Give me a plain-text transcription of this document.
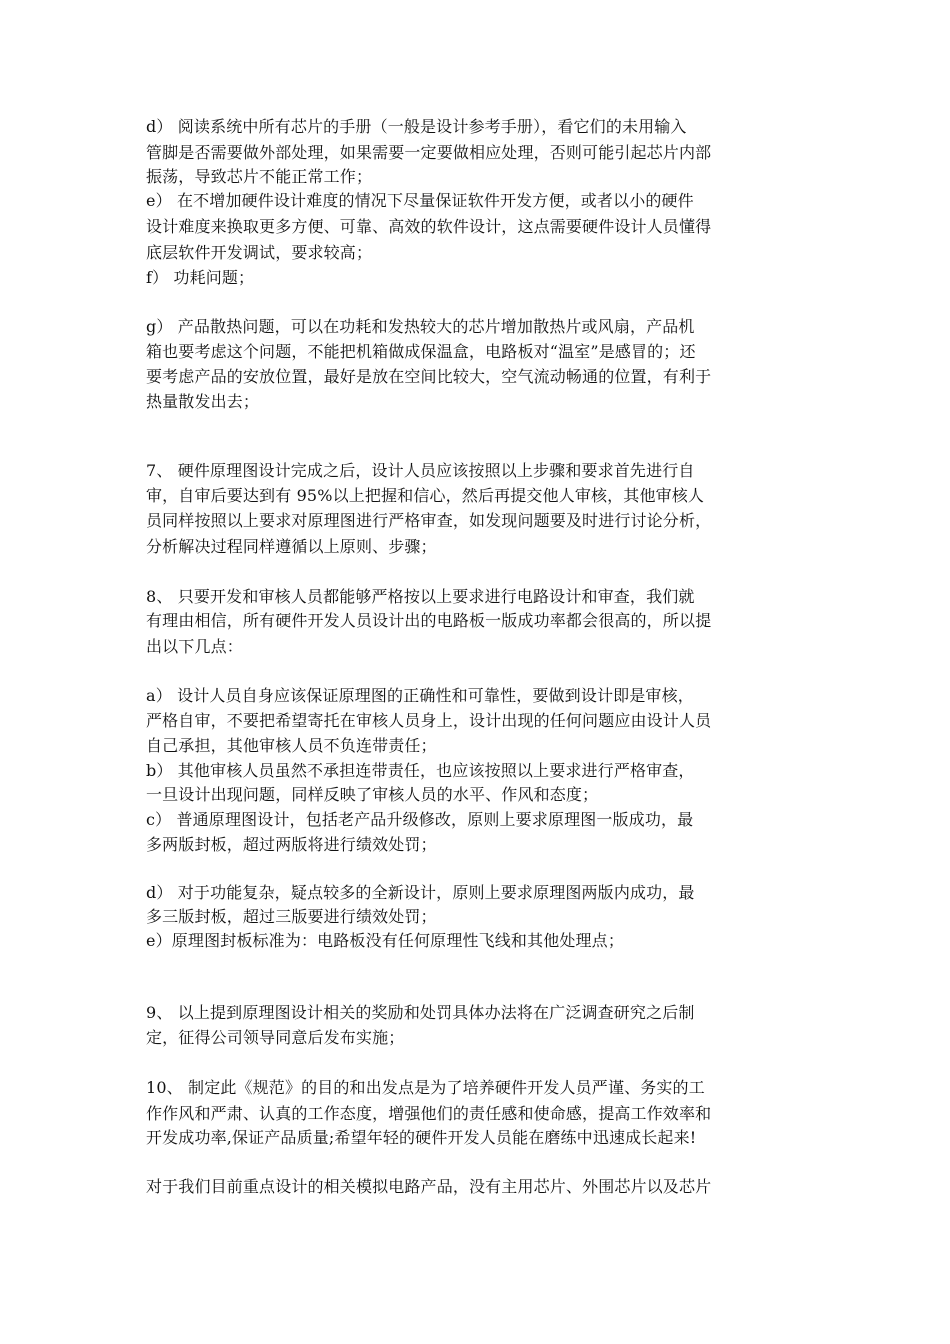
d） 阅读系统中所有芯片的手册（一般是设计参考手册），看它们的未用输入
管脚是否需要做外部处理，如果需要一定要做相应处理，否则可能引起芯片内部
振荡，导致芯片不能正常工作；
e） 在不增加硬件设计难度的情况下尽量保证软件开发方便，或者以小的硬件
设计难度来换取更多方便、可靠、高效的软件设计，这点需要硬件设计人员懂得
底层软件开发调试，要求较高；
f） 功耗问题；
g） 产品散热问题，可以在功耗和发热较大的芯片增加散热片或风扇，产品机
箱也要考虑这个问题，不能把机箱做成保温盒，电路板对“温室”是感冒的；还
要考虑产品的安放位置，最好是放在空间比较大，空气流动畅通的位置，有利于
热量散发出去；
7、 硬件原理图设计完成之后，设计人员应该按照以上步骤和要求首先进行自
审，自审后要达到有 95%以上把握和信心，然后再提交他人审核，其他审核人
员同样按照以上要求对原理图进行严格审查，如发现问题要及时进行讨论分析，
分析解决过程同样遵循以上原则、步骤；
8、 只要开发和审核人员都能够严格按以上要求进行电路设计和审查，我们就
有理由相信，所有硬件开发人员设计出的电路板一版成功率都会很高的，所以提
出以下几点：
a） 设计人员自身应该保证原理图的正确性和可靠性，要做到设计即是审核，
严格自审，不要把希望寄托在审核人员身上，设计出现的任何问题应由设计人员
自己承担，其他审核人员不负连带责任；
b） 其他审核人员虽然不承担连带责任，也应该按照以上要求进行严格审查，
一旦设计出现问题，同样反映了审核人员的水平、作风和态度；
c） 普通原理图设计，包括老产品升级修改，原则上要求原理图一版成功，最
多两版封板，超过两版将进行绩效处罚；
d） 对于功能复杂，疑点较多的全新设计，原则上要求原理图两版内成功，最
多三版封板，超过三版要进行绩效处罚；
e）原理图封板标准为：电路板没有任何原理性飞线和其他处理点；
9、 以上提到原理图设计相关的奖励和处罚具体办法将在广泛调查研究之后制
定，征得公司领导同意后发布实施；
10、 制定此《规范》的目的和出发点是为了培养硬件开发人员严谨、务实的工
作作风和严肃、认真的工作态度，增强他们的责任感和使命感，提高工作效率和
开发成功率,保证产品质量;希望年轻的硬件开发人员能在磨练中迅速成长起来!
对于我们目前重点设计的相关模拟电路产品，没有主用芯片、外围芯片以及芯片
